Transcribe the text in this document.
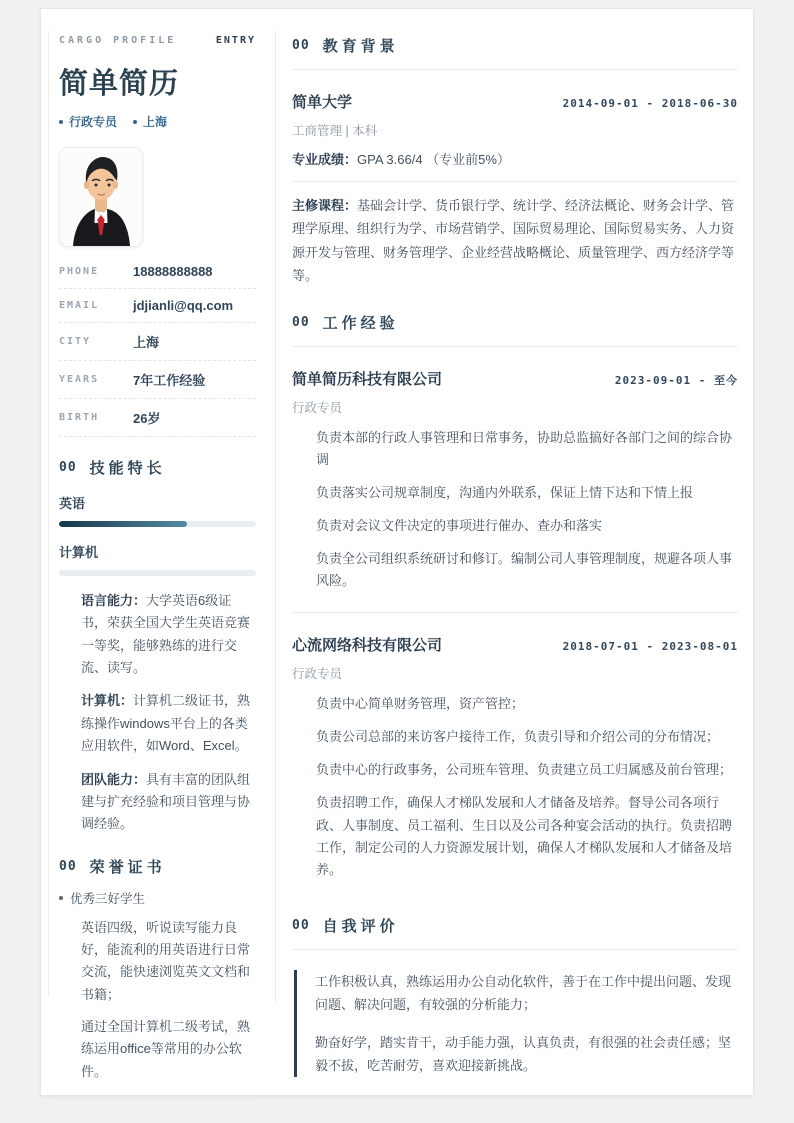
CARGO PROFILE	ENTRY
简单简历
行政专员 上海
PHONE	18888888888
EMAIL	jdjianli@qq.com
CITY	上海
YEARS	7年工作经验
BIRTH	26岁
00 技能特长
英语
计算机

语言能力：大学英语6级证书，荣获全国大学生英语竞赛一等奖，能够熟练的进行交流、读写。

计算机：计算机二级证书，熟练操作windows平台上的各类应用软件，如Word、Excel。

团队能力：具有丰富的团队组建与扩充经验和项目管理与协调经验。

00 荣誉证书
优秀三好学生

英语四级，听说读写能力良好，能流利的用英语进行日常交流，能快速浏览英文文档和书籍；

通过全国计算机二级考试，熟练运用office等常用的办公软件。

00 教育背景
简单大学	2014-09-01 - 2018-06-30
工商管理 | 本科

专业成绩：GPA 3.66/4 （专业前5%）

主修课程：基础会计学、货币银行学、统计学、经济法概论、财务会计学、管理学原理、组织行为学、市场营销学、国际贸易理论、国际贸易实务、人力资源开发与管理、财务管理学、企业经营战略概论、质量管理学、西方经济学等等。

00 工作经验
简单简历科技有限公司	2023-09-01 - 至今
行政专员

负责本部的行政人事管理和日常事务，协助总监搞好各部门之间的综合协调

负责落实公司规章制度，沟通内外联系，保证上情下达和下情上报

负责对会议文件决定的事项进行催办、查办和落实

负责全公司组织系统研讨和修订。编制公司人事管理制度，规避各项人事风险。

心流网络科技有限公司	2018-07-01 - 2023-08-01
行政专员

负责中心简单财务管理，资产管控；

负责公司总部的来访客户接待工作，负责引导和介绍公司的分布情况；

负责中心的行政事务，公司班车管理、负责建立员工归属感及前台管理；

负责招聘工作，确保人才梯队发展和人才储备及培养。督导公司各项行政、人事制度、员工福利、生日以及公司各种宴会活动的执行。负责招聘工作，制定公司的人力资源发展计划，确保人才梯队发展和人才储备及培养。

00 自我评价

工作积极认真，熟练运用办公自动化软件，善于在工作中提出问题、发现问题、解决问题，有较强的分析能力；

勤奋好学，踏实肯干，动手能力强，认真负责，有很强的社会责任感；坚毅不拔，吃苦耐劳，喜欢迎接新挑战。
